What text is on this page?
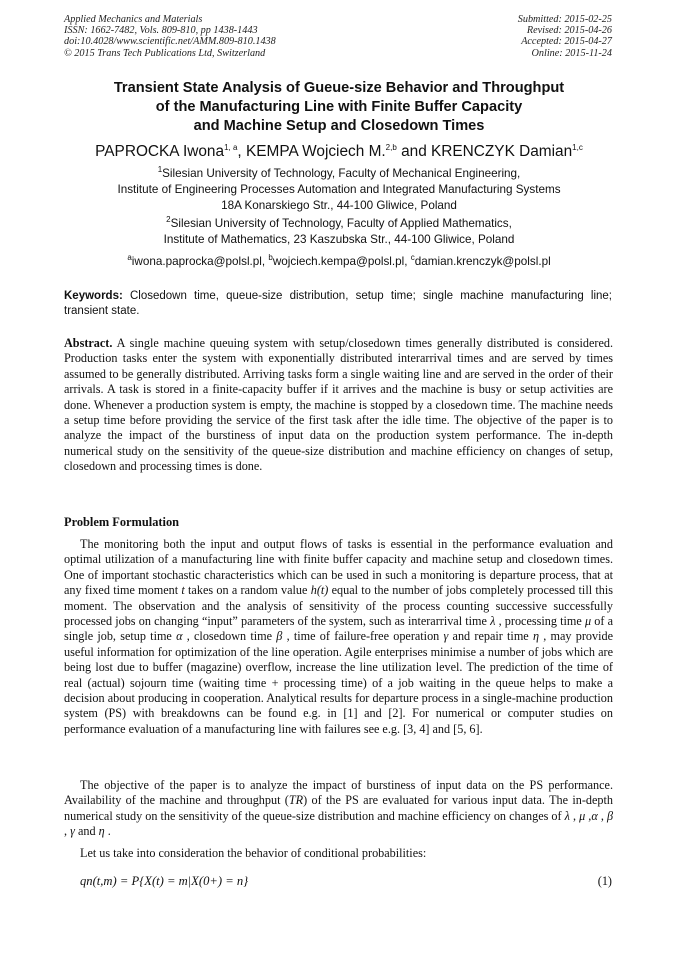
Applied Mechanics and Materials
ISSN: 1662-7482, Vols. 809-810, pp 1438-1443
doi:10.4028/www.scientific.net/AMM.809-810.1438
© 2015 Trans Tech Publications Ltd, Switzerland
Submitted: 2015-02-25
Revised: 2015-04-26
Accepted: 2015-04-27
Online: 2015-11-24
Transient State Analysis of Gueue-size Behavior and Throughput
of the Manufacturing Line with Finite Buffer Capacity
and Machine Setup and Closedown Times
PAPROCKA Iwona$^{1, a}$, KEMPA Wojciech M.$^{2,b}$ and KRENCZYK Damian$^{1,c}$
$^1$Silesian University of Technology, Faculty of Mechanical Engineering,
Institute of Engineering Processes Automation and Integrated Manufacturing Systems
18A Konarskiego Str., 44-100 Gliwice, Poland
$^2$Silesian University of Technology, Faculty of Applied Mathematics,
Institute of Mathematics, 23 Kaszubska Str., 44-100 Gliwice, Poland
$^a$iwona.paprocka@polsl.pl, $^b$wojciech.kempa@polsl.pl, $^c$damian.krenczyk@polsl.pl
Keywords: Closedown time, queue-size distribution, setup time; single machine manufacturing line; transient state.
Abstract. A single machine queuing system with setup/closedown times generally distributed is considered. Production tasks enter the system with exponentially distributed interarrival times and are served by times assumed to be generally distributed. Arriving tasks form a single waiting line and are served in the order of their arrivals. A task is stored in a finite-capacity buffer if it arrives and the machine is busy or setup activities are done. Whenever a production system is empty, the machine is stopped by a closedown time. The machine needs a setup time before providing the service of the first task after the idle time. The objective of the paper is to analyze the impact of the burstiness of input data on the production system performance. The in-depth numerical study on the sensitivity of the queue-size distribution and machine efficiency on changes of setup, closedown and processing times is done.
Problem Formulation
The monitoring both the input and output flows of tasks is essential in the performance evaluation and optimal utilization of a manufacturing line with finite buffer capacity and machine setup and closedown times. One of important stochastic characteristics which can be used in such a monitoring is departure process, that at any fixed time moment t takes on a random value h(t) equal to the number of jobs completely processed till this moment. The observation and the analysis of sensitivity of the process counting successive successfully processed jobs on changing “input” parameters of the system, such as interarrival time λ , processing time μ of a single job, setup time α , closedown time β , time of failure-free operation γ and repair time η , may provide useful information for optimization of the line operation. Agile enterprises minimise a number of jobs which are being lost due to buffer (magazine) overflow, increase the line utilization level. The prediction of the time of real (actual) sojourn time (waiting time + processing time) of a job waiting in the queue helps to make a decision about producing in cooperation. Analytical results for departure process in a single-machine production system (PS) with breakdowns can be found e.g. in [1] and [2]. For numerical or computer studies on performance evaluation of a manufacturing line with failures see e.g. [3, 4] and [5, 6].
The objective of the paper is to analyze the impact of burstiness of input data on the PS performance. Availability of the machine and throughput (TR) of the PS are evaluated for various input data. The in-depth numerical study on the sensitivity of the queue-size distribution and machine efficiency on changes of λ , μ ,α , β , γ and η .
Let us take into consideration the behavior of conditional probabilities:
qn(t,m) = P{X(t) = m|X(0+) = n}	(1)
